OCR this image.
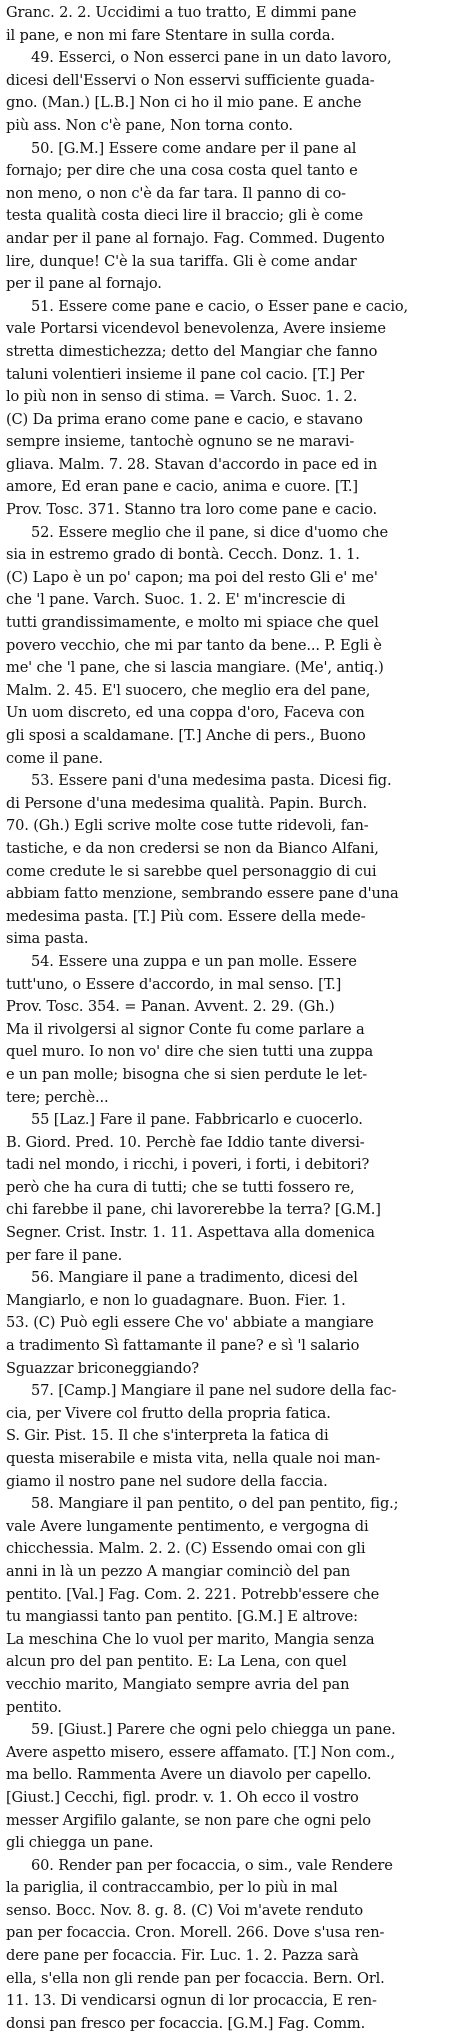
Granc. 2. 2. Uccidimi a tuo tratto, E dimmi pane
il pane, e non mi fare Stentare in sulla corda.
49. Esserci, o Non esserci pane in un dato lavoro,
dicesi dell'Esservi o Non esservi sufficiente guada-
gno. (Man.) [L.B.] Non ci ho il mio pane. E anche
più ass. Non c'è pane, Non torna conto.
50. [G.M.] Essere come andare per il pane al
fornajo; per dire che una cosa costa quel tanto e
non meno, o non c'è da far tara. Il panno di co-
testa qualità costa dieci lire il braccio; gli è come
andar per il pane al fornajo. Fag. Commed. Dugento
lire, dunque! C'è la sua tariffa. Gli è come andar
per il pane al fornajo.
51. Essere come pane e cacio, o Esser pane e cacio,
vale Portarsi vicendevol benevolenza, Avere insieme
stretta dimestichezza; detto del Mangiar che fanno
taluni volentieri insieme il pane col cacio. [T.] Per
lo più non in senso di stima. = Varch. Suoc. 1. 2.
(C) Da prima erano come pane e cacio, e stavano
sempre insieme, tantochè ognuno se ne maravi-
gliava. Malm. 7. 28. Stavan d'accordo in pace ed in
amore, Ed eran pane e cacio, anima e cuore. [T.]
Prov. Tosc. 371. Stanno tra loro come pane e cacio.
52. Essere meglio che il pane, si dice d'uomo che
sia in estremo grado di bontà. Cecch. Donz. 1. 1.
(C) Lapo è un po' capon; ma poi del resto Gli e' me'
che 'l pane. Varch. Suoc. 1. 2. E' m'increscie di
tutti grandissimamente, e molto mi spiace che quel
povero vecchio, che mi par tanto da bene... P. Egli è
me' che 'l pane, che si lascia mangiare. (Me', antiq.)
Malm. 2. 45. E'l suocero, che meglio era del pane,
Un uom discreto, ed una coppa d'oro, Faceva con
gli sposi a scaldamane. [T.] Anche di pers., Buono
come il pane.
53. Essere pani d'una medesima pasta. Dicesi fig.
di Persone d'una medesima qualità. Papin. Burch.
70. (Gh.) Egli scrive molte cose tutte ridevoli, fan-
tastiche, e da non credersi se non da Bianco Alfani,
come credute le si sarebbe quel personaggio di cui
abbiam fatto menzione, sembrando essere pane d'una
medesima pasta. [T.] Più com. Essere della mede-
sima pasta.
54. Essere una zuppa e un pan molle. Essere
tutt'uno, o Essere d'accordo, in mal senso. [T.]
Prov. Tosc. 354. = Panan. Avvent. 2. 29. (Gh.)
Ma il rivolgersi al signor Conte fu come parlare a
quel muro. Io non vo' dire che sien tutti una zuppa
e un pan molle; bisogna che si sien perdute le let-
tere; perchè...
55 [Laz.] Fare il pane. Fabbricarlo e cuocerlo.
B. Giord. Pred. 10. Perchè fae Iddio tante diversi-
tadi nel mondo, i ricchi, i poveri, i forti, i debitori?
però che ha cura di tutti; che se tutti fossero re,
chi farebbe il pane, chi lavorerebbe la terra? [G.M.]
Segner. Crist. Instr. 1. 11. Aspettava alla domenica
per fare il pane.
56. Mangiare il pane a tradimento, dicesi del
Mangiarlo, e non lo guadagnare. Buon. Fier. 1.
53. (C) Può egli essere Che vo' abbiate a mangiare
a tradimento Sì fattamante il pane? e sì 'l salario
Sguazzar briconeggiando?
57. [Camp.] Mangiare il pane nel sudore della fac-
cia, per Vivere col frutto della propria fatica.
S. Gir. Pist. 15. Il che s'interpreta la fatica di
questa miserabile e mista vita, nella quale noi man-
giamo il nostro pane nel sudore della faccia.
58. Mangiare il pan pentito, o del pan pentito, fig.;
vale Avere lungamente pentimento, e vergogna di
chicchessia. Malm. 2. 2. (C) Essendo omai con gli
anni in là un pezzo A mangiar cominciò del pan
pentito. [Val.] Fag. Com. 2. 221. Potrebb'essere che
tu mangiassi tanto pan pentito. [G.M.] E altrove:
La meschina Che lo vuol per marito, Mangia senza
alcun pro del pan pentito. E: La Lena, con quel
vecchio marito, Mangiato sempre avria del pan
pentito.
59. [Giust.] Parere che ogni pelo chiegga un pane.
Avere aspetto misero, essere affamato. [T.] Non com.,
ma bello. Rammenta Avere un diavolo per capello.
[Giust.] Cecchi, figl. prodr. v. 1. Oh ecco il vostro
messer Argifilo galante, se non pare che ogni pelo
gli chiegga un pane.
60. Render pan per focaccia, o sim., vale Rendere
la pariglia, il contraccambio, per lo più in mal
senso. Bocc. Nov. 8. g. 8. (C) Voi m'avete renduto
pan per focaccia. Cron. Morell. 266. Dove s'usa ren-
dere pane per focaccia. Fir. Luc. 1. 2. Pazza sarà
ella, s'ella non gli rende pan per focaccia. Bern. Orl.
11. 13. Di vendicarsi ognun di lor procaccia, E ren-
donsi pan fresco per focaccia. [G.M.] Fag. Comm.
